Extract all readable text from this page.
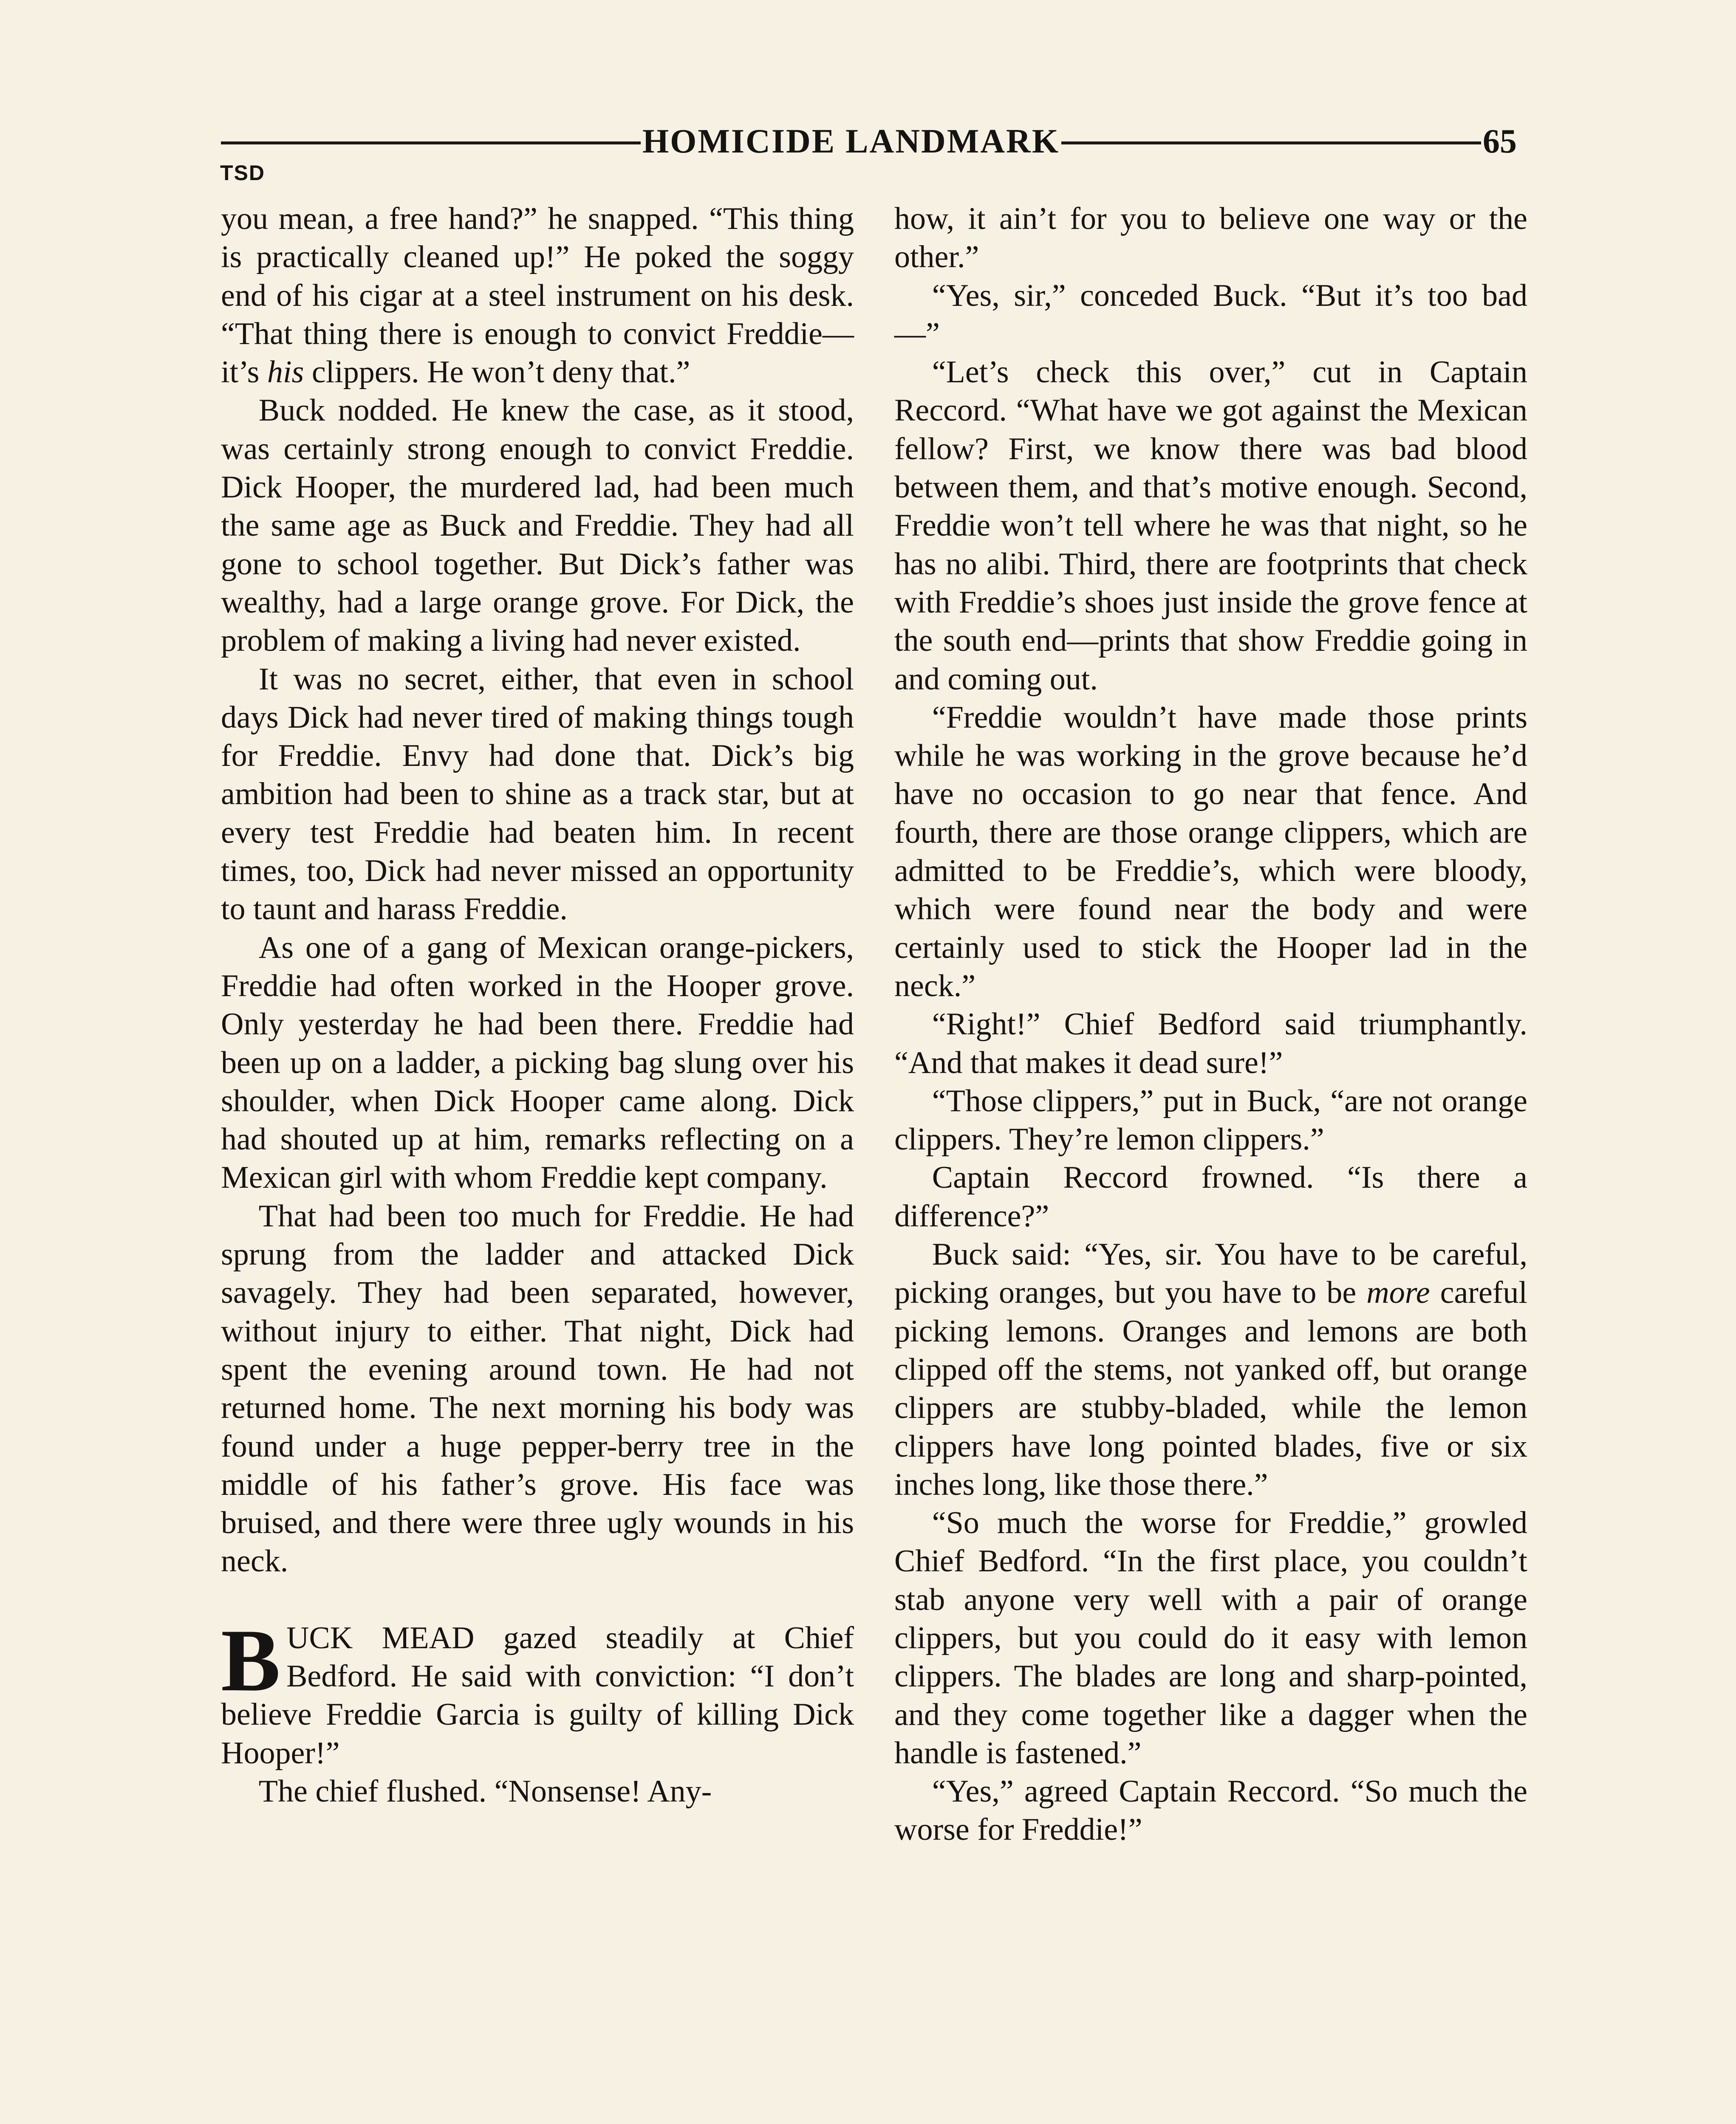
HOMICIDE LANDMARK	65
TSD

you mean, a free hand?” he snapped. “This thing is practically cleaned up!” He poked the soggy end of his cigar at a steel instrument on his desk. “That thing there is enough to convict Freddie—it’s his clippers. He won’t deny that.”

Buck nodded. He knew the case, as it stood, was certainly strong enough to convict Freddie. Dick Hooper, the murdered lad, had been much the same age as Buck and Freddie. They had all gone to school together. But Dick’s father was wealthy, had a large orange grove. For Dick, the problem of making a living had never existed.

It was no secret, either, that even in school days Dick had never tired of making things tough for Freddie. Envy had done that. Dick’s big ambition had been to shine as a track star, but at every test Freddie had beaten him. In recent times, too, Dick had never missed an opportunity to taunt and harass Freddie.

As one of a gang of Mexican orange-pickers, Freddie had often worked in the Hooper grove. Only yesterday he had been there. Freddie had been up on a ladder, a picking bag slung over his shoulder, when Dick Hooper came along. Dick had shouted up at him, remarks reflecting on a Mexican girl with whom Freddie kept company.

That had been too much for Freddie. He had sprung from the ladder and attacked Dick savagely. They had been separated, however, without injury to either. That night, Dick had spent the evening around town. He had not returned home. The next morning his body was found under a huge pepper-berry tree in the middle of his father’s grove. His face was bruised, and there were three ugly wounds in his neck.

BUCK MEAD gazed steadily at Chief Bedford. He said with conviction: “I don’t believe Freddie Garcia is guilty of killing Dick Hooper!”

The chief flushed. “Nonsense! Any-

how, it ain’t for you to believe one way or the other.”

“Yes, sir,” conceded Buck. “But it’s too bad—”

“Let’s check this over,” cut in Captain Reccord. “What have we got against the Mexican fellow? First, we know there was bad blood between them, and that’s motive enough. Second, Freddie won’t tell where he was that night, so he has no alibi. Third, there are footprints that check with Freddie’s shoes just inside the grove fence at the south end—prints that show Freddie going in and coming out.

“Freddie wouldn’t have made those prints while he was working in the grove because he’d have no occasion to go near that fence. And fourth, there are those orange clippers, which are admitted to be Freddie’s, which were bloody, which were found near the body and were certainly used to stick the Hooper lad in the neck.”

“Right!” Chief Bedford said triumphantly. “And that makes it dead sure!”

“Those clippers,” put in Buck, “are not orange clippers. They’re lemon clippers.”

Captain Reccord frowned. “Is there a difference?”

Buck said: “Yes, sir. You have to be careful, picking oranges, but you have to be more careful picking lemons. Oranges and lemons are both clipped off the stems, not yanked off, but orange clippers are stubby-bladed, while the lemon clippers have long pointed blades, five or six inches long, like those there.”

“So much the worse for Freddie,” growled Chief Bedford. “In the first place, you couldn’t stab anyone very well with a pair of orange clippers, but you could do it easy with lemon clippers. The blades are long and sharp-pointed, and they come together like a dagger when the handle is fastened.”

“Yes,” agreed Captain Reccord. “So much the worse for Freddie!”
